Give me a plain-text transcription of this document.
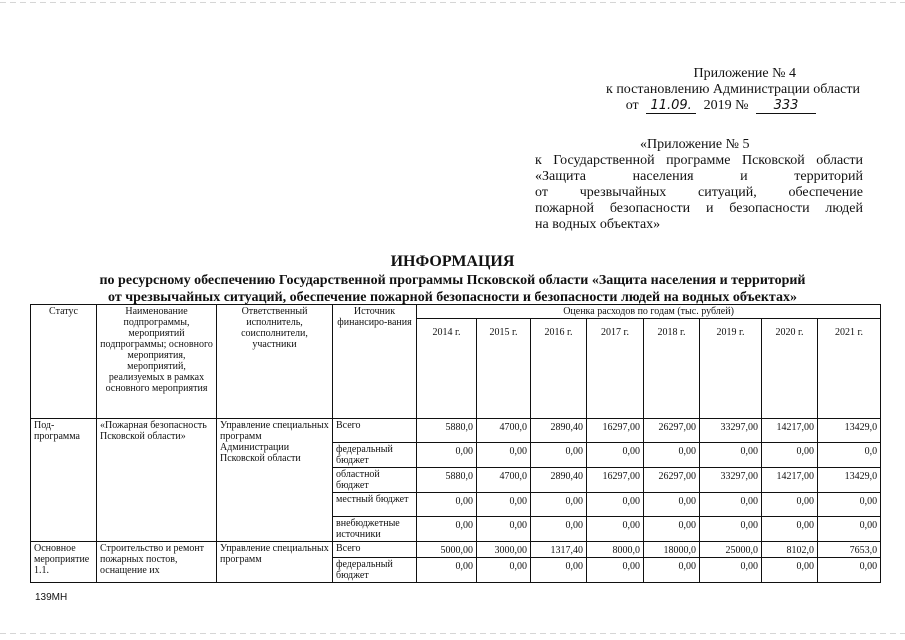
Приложение № 4
к постановлению Администрации области
от 11.09. 2019 № 333
«Приложение № 5
к Государственной программе Псковской области
«Защита населения и территорий
от чрезвычайных ситуаций, обеспечение
пожарной безопасности и безопасности людей
на водных объектах»
ИНФОРМАЦИЯ
по ресурсному обеспечению Государственной программы Псковской области «Защита населения и территорий
от чрезвычайных ситуаций, обеспечение пожарной безопасности и безопасности людей на водных объектах»
Статус	Наименование подпрограммы, мероприятий подпрограммы; основного мероприятия, мероприятий, реализуемых в рамках основного мероприятия	Ответственный исполнитель, соисполнители, участники	Источник финансиро-вания	Оценка расходов по годам (тыс. рублей)							
				2014 г.	2015 г.	2016 г.	2017 г.	2018 г.	2019 г.	2020 г.	2021 г.
Под-программа	«Пожарная безопасность Псковской области»	Управление специальных программ Администрации Псковской области	Всего	5880,0	4700,0	2890,40	16297,00	26297,00	33297,00	14217,00	13429,0
			федеральный бюджет	0,00	0,00	0,00	0,00	0,00	0,00	0,00	0,0
			областной бюджет	5880,0	4700,0	2890,40	16297,00	26297,00	33297,00	14217,00	13429,0
			местный бюджет	0,00	0,00	0,00	0,00	0,00	0,00	0,00	0,00
			внебюджетные источники	0,00	0,00	0,00	0,00	0,00	0,00	0,00	0,00
Основное мероприятие 1.1.	Строительство и ремонт пожарных постов, оснащение их	Управление специальных программ	Всего	5000,00	3000,00	1317,40	8000,0	18000,0	25000,0	8102,0	7653,0
			федеральный бюджет	0,00	0,00	0,00	0,00	0,00	0,00	0,00	0,00
139МН
